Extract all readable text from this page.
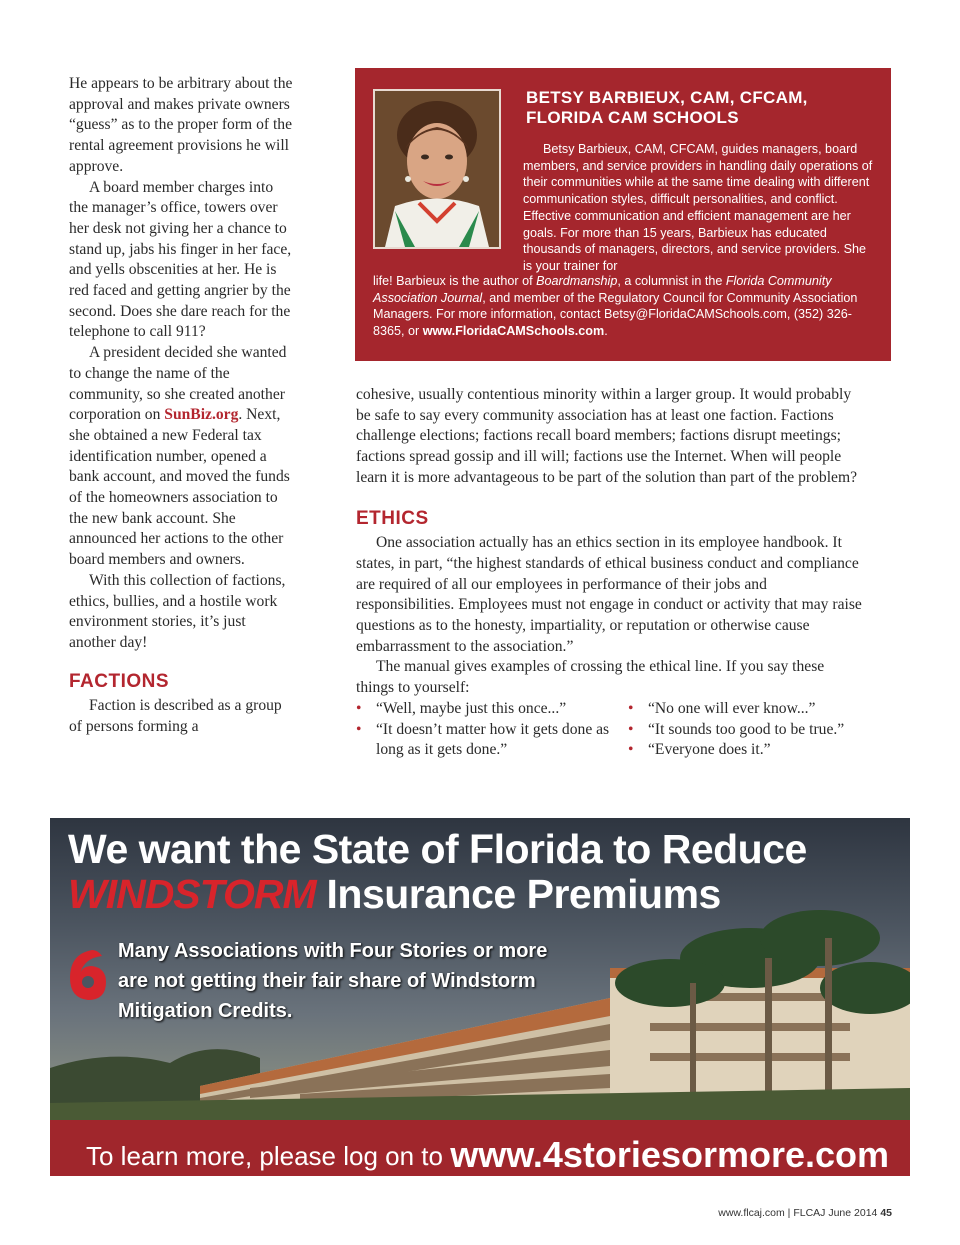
He appears to be arbitrary about the approval and makes private owners “guess” as to the proper form of the rental agreement provisions he will approve.

A board member charges into the manager’s office, towers over her desk not giving her a chance to stand up, jabs his finger in her face, and yells obscenities at her. He is red faced and getting angrier by the second. Does she dare reach for the telephone to call 911?

A president decided she wanted to change the name of the community, so she created another corporation on SunBiz.org. Next, she obtained a new Federal tax identification number, opened a bank account, and moved the funds of the homeowners association to the new bank account. She announced her actions to the other board members and owners.

With this collection of factions, ethics, bullies, and a hostile work environment stories, it’s just another day!

FACTIONS

Faction is described as a group of persons forming a

BETSY BARBIEUX, CAM, CFCAM,
FLORIDA CAM SCHOOLS

Betsy Barbieux, CAM, CFCAM, guides managers, board members, and service providers in handling daily operations of their communities while at the same time dealing with different communication styles, difficult personalities, and conflict. Effective communication and efficient management are her goals. For more than 15 years, Barbieux has educated thousands of managers, directors, and service providers. She is your trainer for

life! Barbieux is the author of Boardmanship, a columnist in the Florida Community Association Journal, and member of the Regulatory Council for Community Association Managers. For more information, contact Betsy@FloridaCAMSchools.com, (352) 326-8365, or www.FloridaCAMSchools.com.

cohesive, usually contentious minority within a larger group. It would probably be safe to say every community association has at least one faction. Factions challenge elections; factions recall board members; factions disrupt meetings; factions spread gossip and ill will; factions use the Internet. When will people learn it is more advantageous to be part of the solution than part of the problem?

ETHICS

One association actually has an ethics section in its employee handbook. It states, in part, “the highest standards of ethical business conduct and compliance are required of all our employees in performance of their jobs and responsibilities. Employees must not engage in conduct or activity that may raise questions as to the honesty, impartiality, or reputation or otherwise cause embarrassment to the association.”

The manual gives examples of crossing the ethical line. If you say these things to yourself:

• “Well, maybe just this once...”
• “It doesn’t matter how it gets done as long as it gets done.”
• “No one will ever know...”
• “It sounds too good to be true.”
• “Everyone does it.”
We want the State of Florida to Reduce
WINDSTORM Insurance Premiums
Many Associations with Four Stories or more are not getting their fair share of Windstorm Mitigation Credits.
To learn more, please log on to www.4storiesormore.com
www.flcaj.com | FLCAJ June 2014 45
